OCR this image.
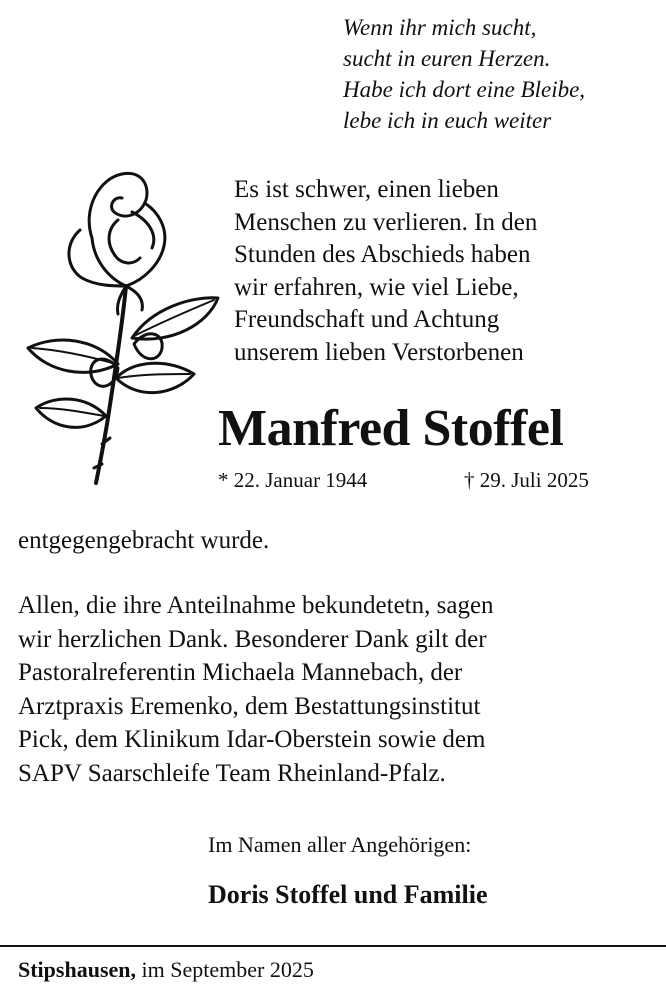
Wenn ihr mich sucht,
sucht in euren Herzen.
Habe ich dort eine Bleibe,
lebe ich in euch weiter
Es ist schwer, einen lieben
Menschen zu verlieren. In den
Stunden des Abschieds haben
wir erfahren, wie viel Liebe,
Freundschaft und Achtung
unserem lieben Verstorbenen
Manfred Stoffel
* 22. Januar 1944	† 29. Juli 2025
entgegengebracht wurde.
Allen, die ihre Anteilnahme bekundetetn, sagen
wir herzlichen Dank. Besonderer Dank gilt der
Pastoralreferentin Michaela Mannebach, der
Arztpraxis Eremenko, dem Bestattungsinstitut
Pick, dem Klinikum Idar-Oberstein sowie dem
SAPV Saarschleife Team Rheinland-Pfalz.
Im Namen aller Angehörigen:
Doris Stoffel und Familie
Stipshausen, im September 2025
